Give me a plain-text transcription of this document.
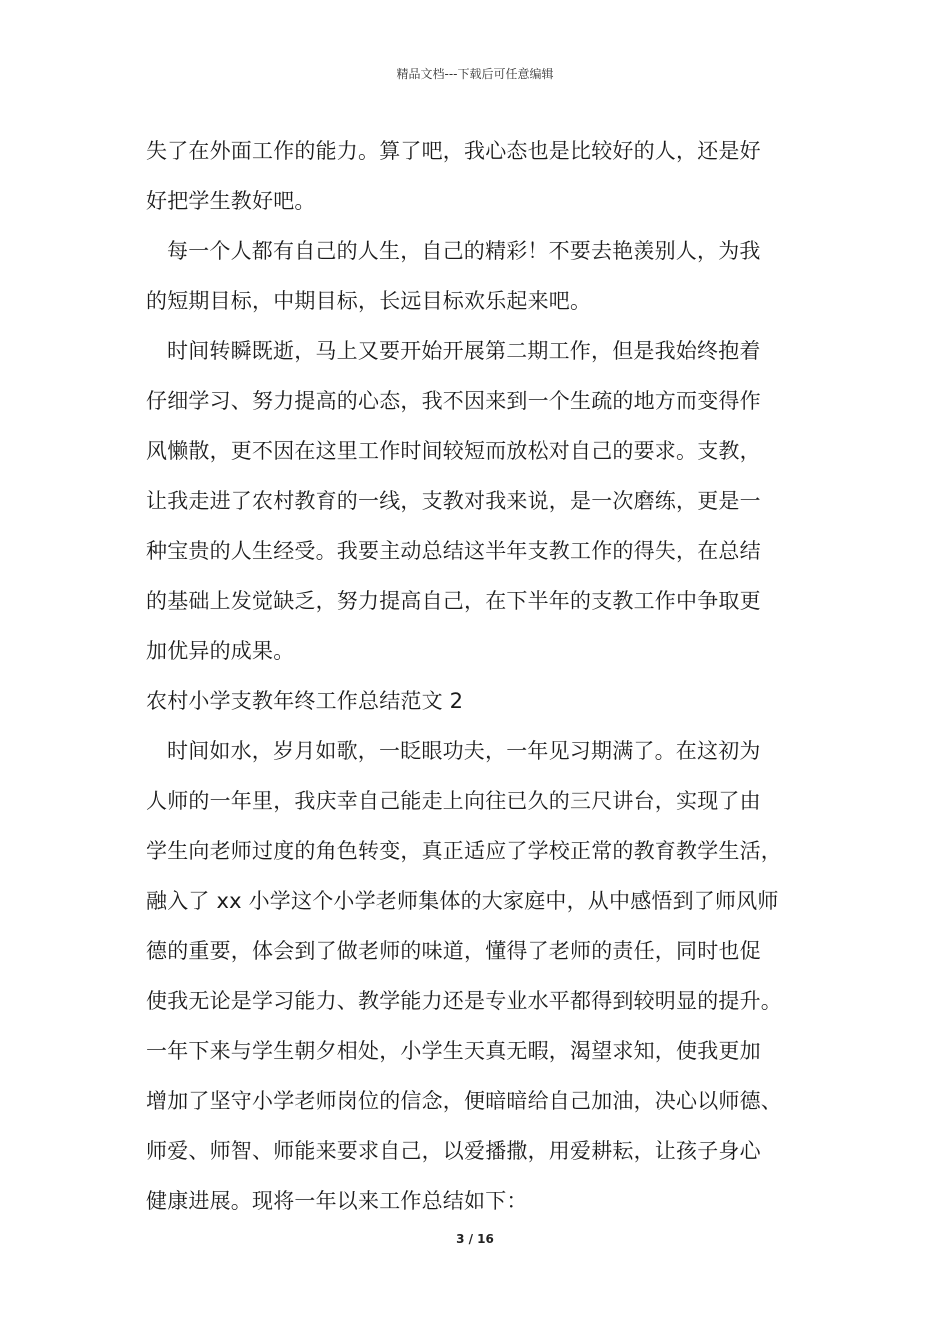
精品文档---下载后可任意编辑
失了在外面工作的能力。算了吧，我心态也是比较好的人，还是好
好把学生教好吧。
每一个人都有自己的人生，自己的精彩！不要去艳羡别人，为我
的短期目标，中期目标，长远目标欢乐起来吧。
时间转瞬既逝，马上又要开始开展第二期工作，但是我始终抱着
仔细学习、努力提高的心态，我不因来到一个生疏的地方而变得作
风懒散，更不因在这里工作时间较短而放松对自己的要求。支教，
让我走进了农村教育的一线，支教对我来说，是一次磨练，更是一
种宝贵的人生经受。我要主动总结这半年支教工作的得失，在总结
的基础上发觉缺乏，努力提高自己，在下半年的支教工作中争取更
加优异的成果。
农村小学支教年终工作总结范文 2
时间如水，岁月如歌，一眨眼功夫，一年见习期满了。在这初为
人师的一年里，我庆幸自己能走上向往已久的三尺讲台，实现了由
学生向老师过度的角色转变，真正适应了学校正常的教育教学生活，
融入了 xx 小学这个小学老师集体的大家庭中，从中感悟到了师风师
德的重要，体会到了做老师的味道，懂得了老师的责任，同时也促
使我无论是学习能力、教学能力还是专业水平都得到较明显的提升。
一年下来与学生朝夕相处，小学生天真无暇，渴望求知，使我更加
增加了坚守小学老师岗位的信念，便暗暗给自己加油，决心以师德、
师爱、师智、师能来要求自己，以爱播撒，用爱耕耘，让孩子身心
健康进展。现将一年以来工作总结如下：
3 / 16
